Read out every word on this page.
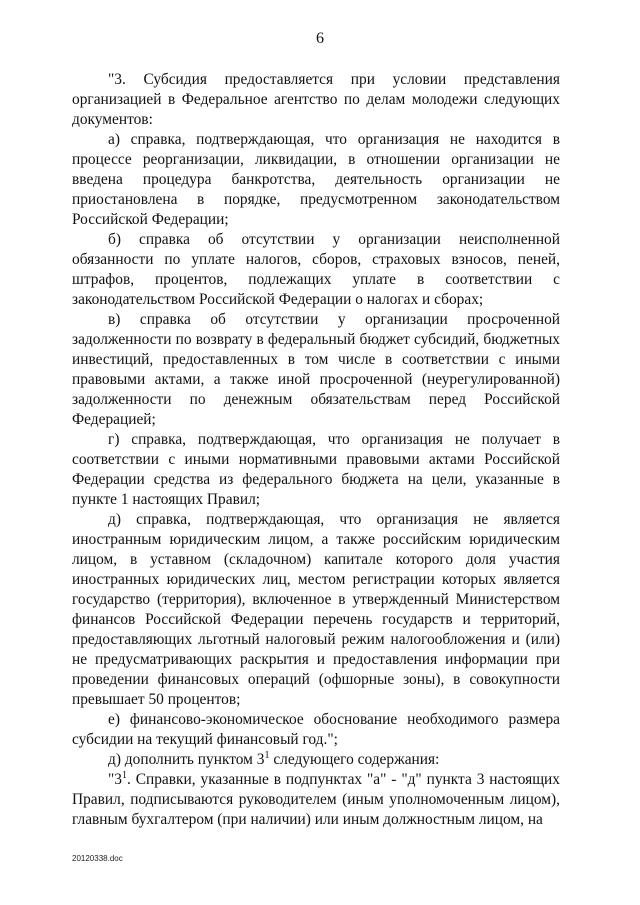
6

"3. Субсидия предоставляется при условии представления организацией в Федеральное агентство по делам молодежи следующих документов:

а) справка, подтверждающая, что организация не находится в процессе реорганизации, ликвидации, в отношении организации не введена процедура банкротства, деятельность организации не приостановлена в порядке, предусмотренном законодательством Российской Федерации;

б) справка об отсутствии у организации неисполненной обязанности по уплате налогов, сборов, страховых взносов, пеней, штрафов, процентов, подлежащих уплате в соответствии с законодательством Российской Федерации о налогах и сборах;

в) справка об отсутствии у организации просроченной задолженности по возврату в федеральный бюджет субсидий, бюджетных инвестиций, предоставленных в том числе в соответствии с иными правовыми актами, а также иной просроченной (неурегулированной) задолженности по денежным обязательствам перед Российской Федерацией;

г) справка, подтверждающая, что организация не получает в соответствии с иными нормативными правовыми актами Российской Федерации средства из федерального бюджета на цели, указанные в пункте 1 настоящих Правил;

д) справка, подтверждающая, что организация не является иностранным юридическим лицом, а также российским юридическим лицом, в уставном (складочном) капитале которого доля участия иностранных юридических лиц, местом регистрации которых является государство (территория), включенное в утвержденный Министерством финансов Российской Федерации перечень государств и территорий, предоставляющих льготный налоговый режим налогообложения и (или) не предусматривающих раскрытия и предоставления информации при проведении финансовых операций (офшорные зоны), в совокупности превышает 50 процентов;

е) финансово-экономическое обоснование необходимого размера субсидии на текущий финансовый год.";

д) дополнить пунктом $3^1$ следующего содержания:

"$3^1$. Справки, указанные в подпунктах "а" - "д" пункта 3 настоящих Правил, подписываются руководителем (иным уполномоченным лицом), главным бухгалтером (при наличии) или иным должностным лицом, на

20120338.doc
